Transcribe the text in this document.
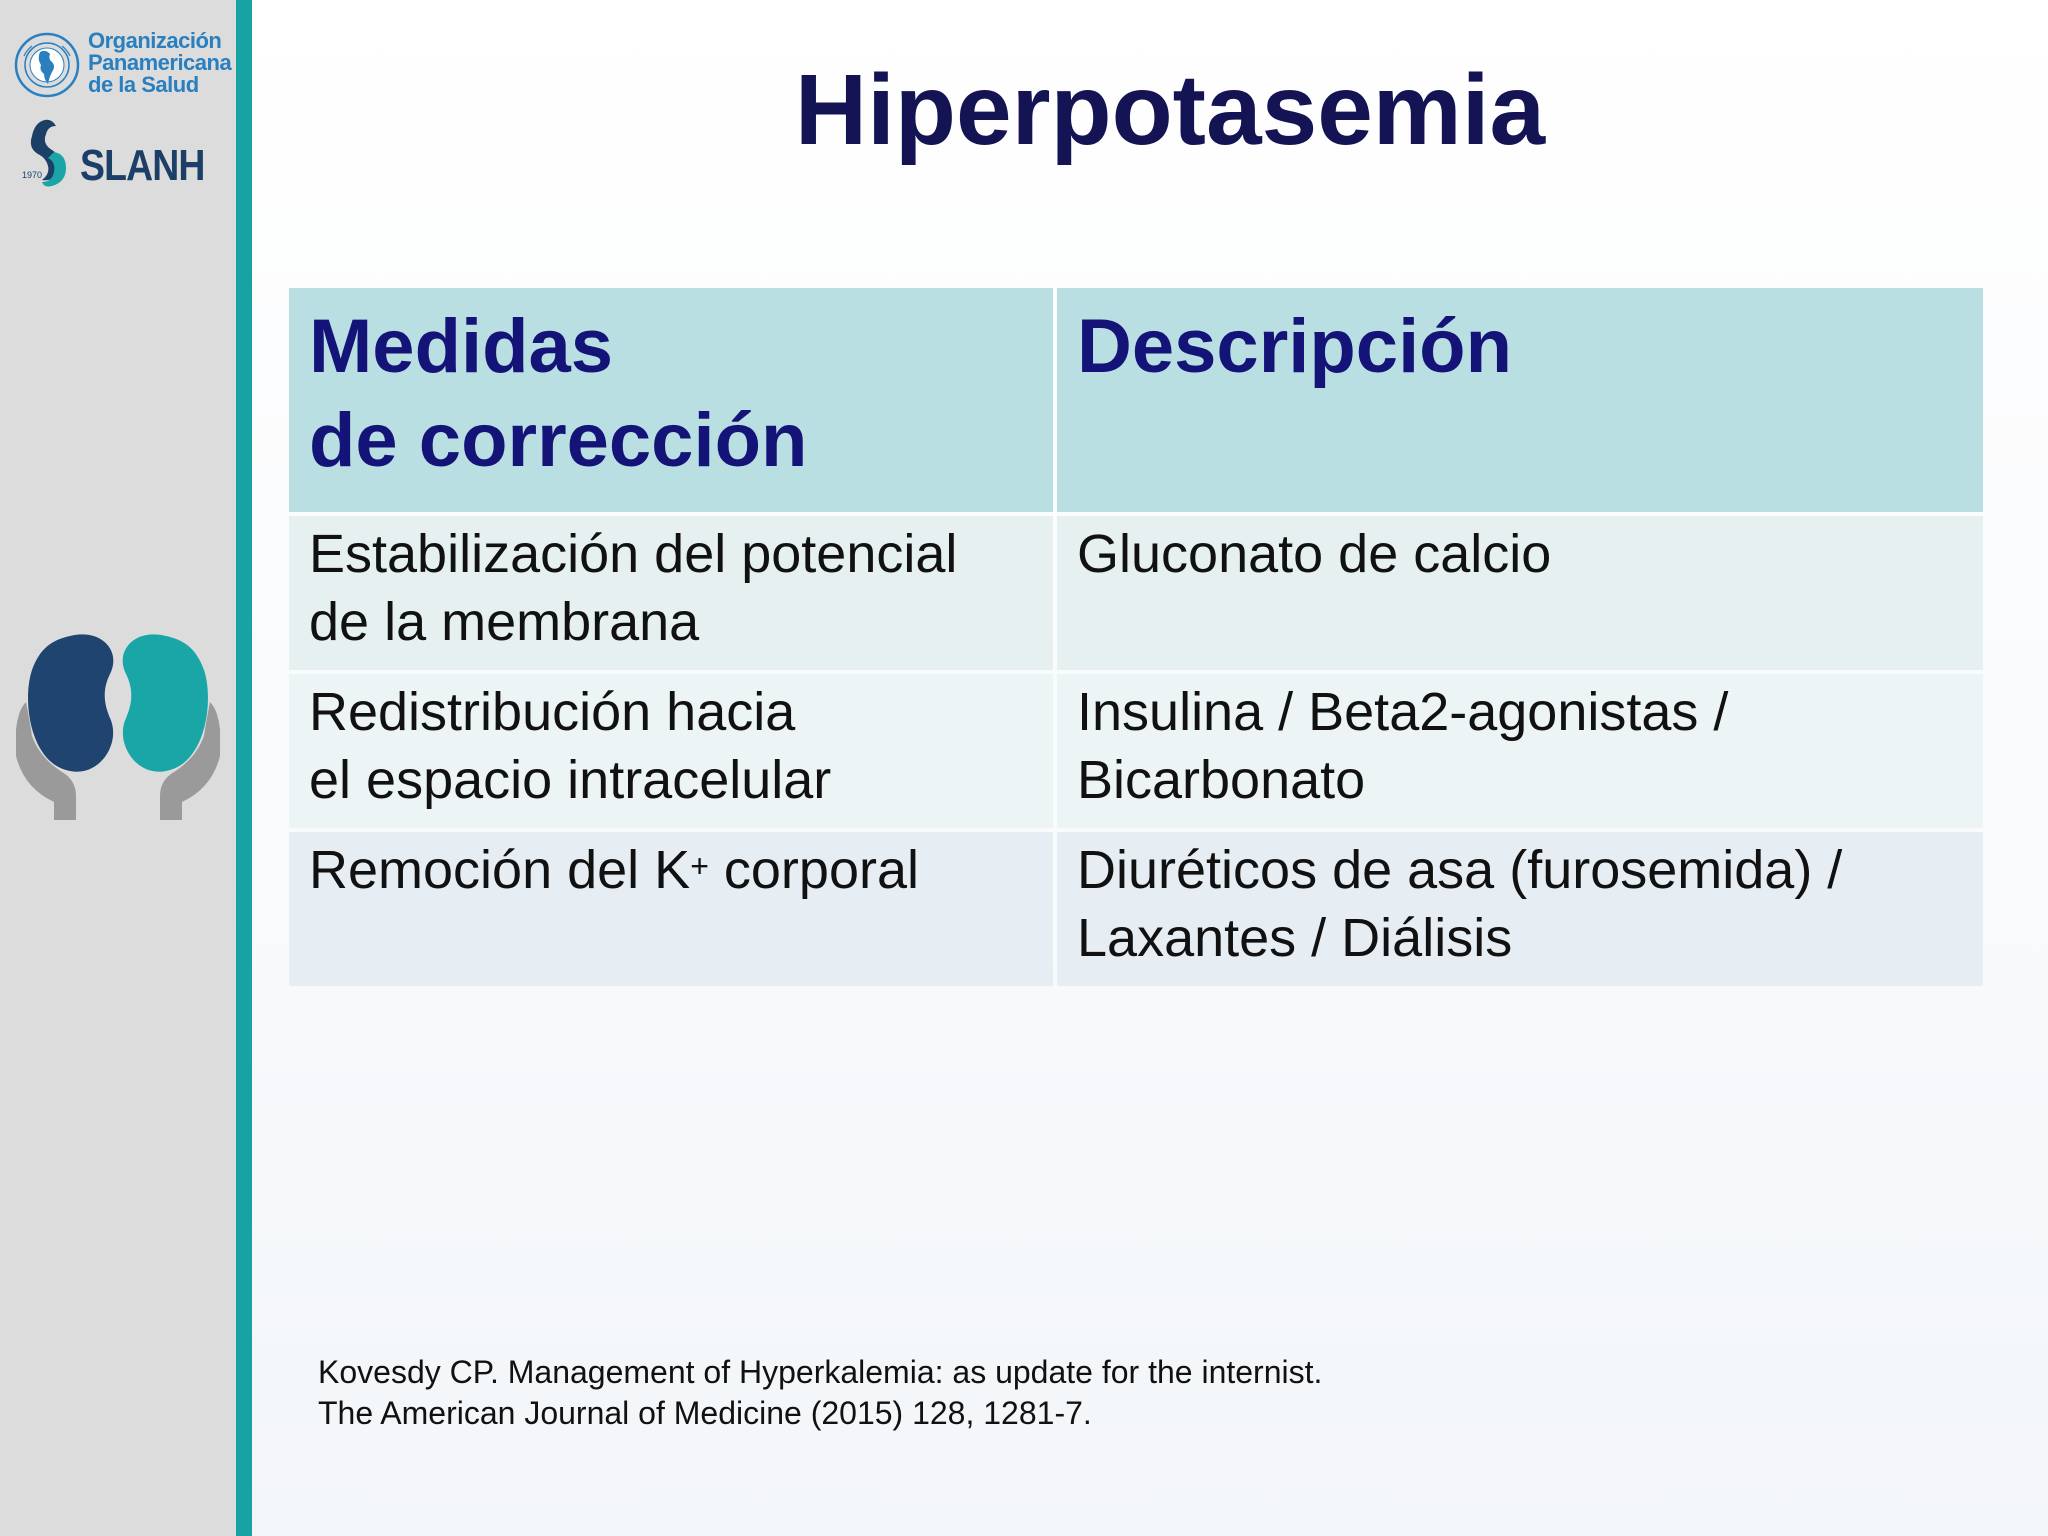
Organización
Panamericana
de la Salud
1970 SLANH	Hiperpotasemia
Medidas
de corrección	Descripción

Estabilización del potencial
de la membrana	Gluconato de calcio

Redistribución hacia
el espacio intracelular	Insulina / Beta2-agonistas /
Bicarbonato

Remoción del K+ corporal	Diuréticos de asa (furosemida) /
Laxantes / Diálisis
Kovesdy CP. Management of Hyperkalemia: as update for the internist.
The American Journal of Medicine (2015) 128, 1281-7.
